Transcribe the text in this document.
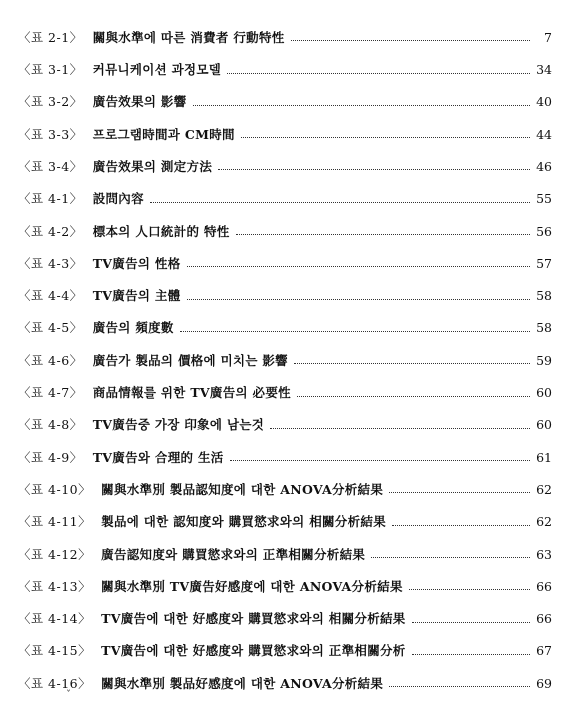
〈표 2-1〉 關與水準에 따른 消費者 行動特性	7
〈표 3-1〉 커뮤니케이션 과정모델	34
〈표 3-2〉 廣告效果의 影響	40
〈표 3-3〉 프로그램時間과 CM時間	44
〈표 3-4〉 廣告效果의 測定方法	46
〈표 4-1〉 設問內容	55
〈표 4-2〉 標本의 人口統計的 特性	56
〈표 4-3〉 TV廣告의 性格	57
〈표 4-4〉 TV廣告의 主體	58
〈표 4-5〉 廣告의 頻度數	58
〈표 4-6〉 廣告가 製品의 價格에 미치는 影響	59
〈표 4-7〉 商品情報를 위한 TV廣告의 必要性	60
〈표 4-8〉 TV廣告중 가장 印象에 남는것	60
〈표 4-9〉 TV廣告와 合理的 生活	61
〈표 4-10〉 關與水準別 製品認知度에 대한 ANOVA分析結果	62
〈표 4-11〉 製品에 대한 認知度와 購買慾求와의 相關分析結果	62
〈표 4-12〉 廣告認知度와 購買慾求와의 正準相關分析結果	63
〈표 4-13〉 關與水準別 TV廣告好感度에 대한 ANOVA分析結果	66
〈표 4-14〉 TV廣告에 대한 好感度와 購買慾求와의 相關分析結果	66
〈표 4-15〉 TV廣告에 대한 好感度와 購買慾求와의 正準相關分析	67
〈표 4-16〉 關與水準別 製品好感度에 대한 ANOVA分析結果	69
ˇ
